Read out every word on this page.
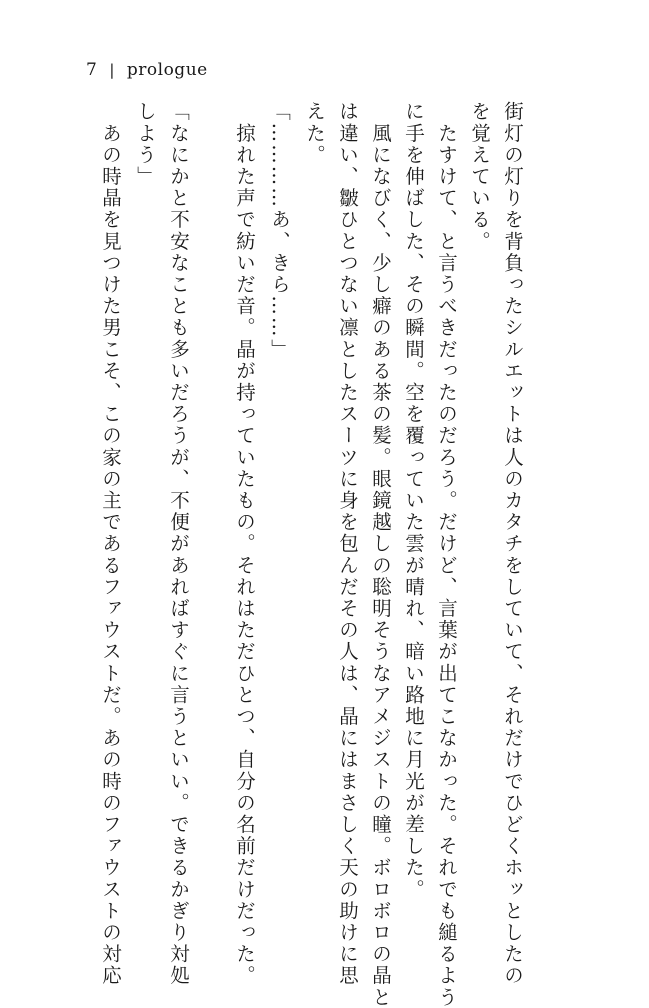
7 | prologue
街灯の灯りを背負ったシルエットは人のカタチをしていて、それだけでひどくホッとしたの
を覚えている。
　たすけて、と言うべきだったのだろう。だけど、言葉が出てこなかった。それでも縋るよう
に手を伸ばした、その瞬間。空を覆っていた雲が晴れ、暗い路地に月光が差した。
　風になびく、少し癖のある茶の髪。眼鏡越しの聡明そうなアメジストの瞳。ボロボロの晶と
は違い、皺ひとつない凛としたスーツに身を包んだその人は、晶にはまさしく天の助けに思
えた。
「…………あ、きら……」
　掠れた声で紡いだ音。晶が持っていたもの。それはただひとつ、自分の名前だけだった。
「なにかと不安なことも多いだろうが、不便があればすぐに言うといい。できるかぎり対処
しよう」
　あの時晶を見つけた男こそ、この家の主であるファウストだ。あの時のファウストの対応
